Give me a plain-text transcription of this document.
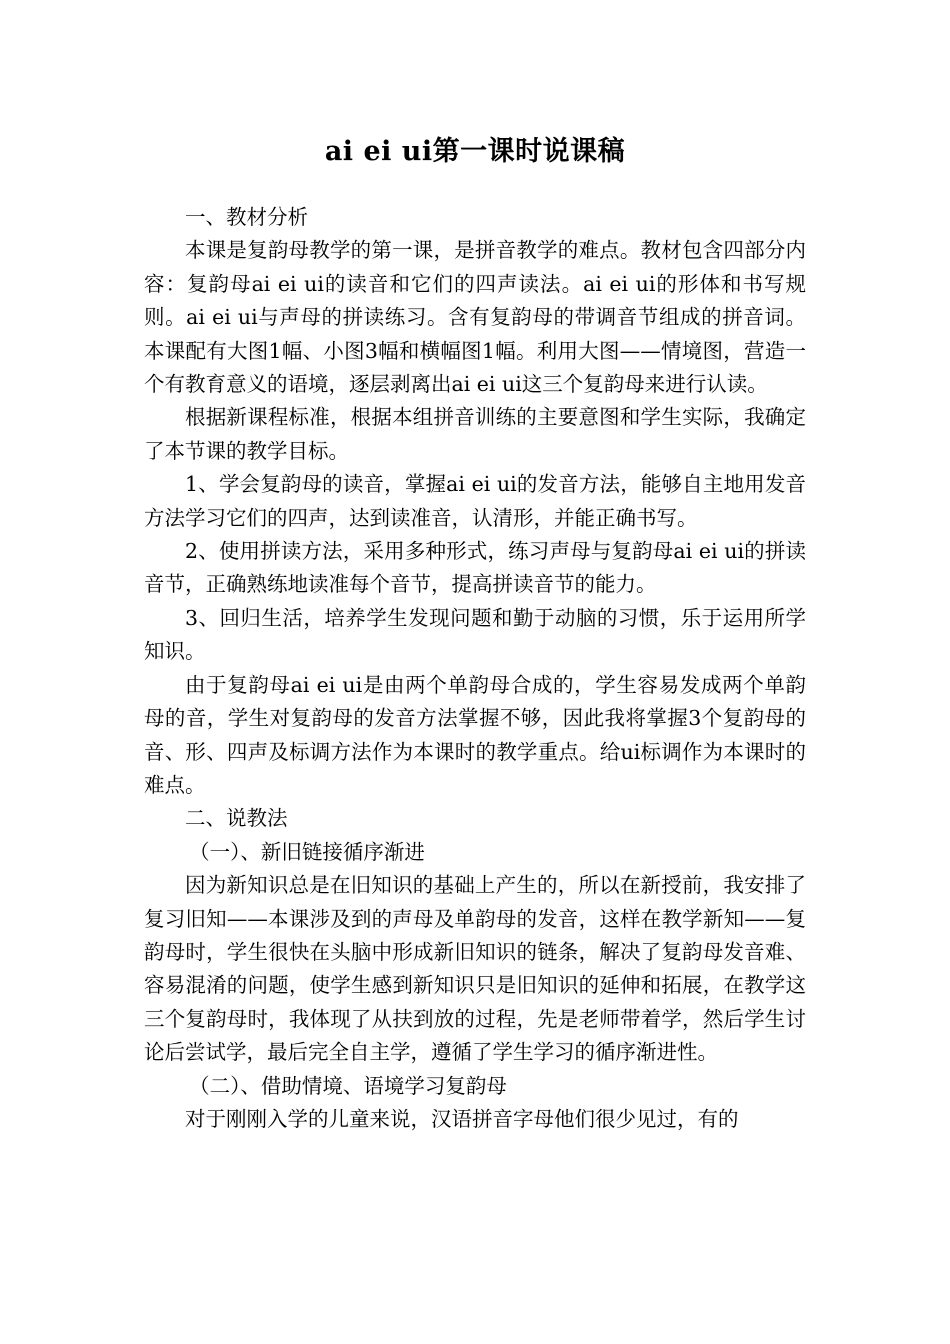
ai ei ui第一课时说课稿

一、教材分析

本课是复韵母教学的第一课，是拼音教学的难点。教材包含四部分内容：复韵母ai ei ui的读音和它们的四声读法。ai ei ui的形体和书写规则。ai ei ui与声母的拼读练习。含有复韵母的带调音节组成的拼音词。本课配有大图1幅、小图3幅和横幅图1幅。利用大图——情境图，营造一个有教育意义的语境，逐层剥离出ai ei ui这三个复韵母来进行认读。

根据新课程标准，根据本组拼音训练的主要意图和学生实际，我确定了本节课的教学目标。

1、学会复韵母的读音，掌握ai ei ui的发音方法，能够自主地用发音方法学习它们的四声，达到读准音，认清形，并能正确书写。

2、使用拼读方法，采用多种形式，练习声母与复韵母ai ei ui的拼读音节，正确熟练地读准每个音节，提高拼读音节的能力。

3、回归生活，培养学生发现问题和勤于动脑的习惯，乐于运用所学知识。

由于复韵母ai ei ui是由两个单韵母合成的，学生容易发成两个单韵母的音，学生对复韵母的发音方法掌握不够，因此我将掌握3个复韵母的音、形、四声及标调方法作为本课时的教学重点。给ui标调作为本课时的难点。

二、说教法

（一）、新旧链接循序渐进

因为新知识总是在旧知识的基础上产生的，所以在新授前，我安排了复习旧知——本课涉及到的声母及单韵母的发音，这样在教学新知——复韵母时，学生很快在头脑中形成新旧知识的链条，解决了复韵母发音难、容易混淆的问题，使学生感到新知识只是旧知识的延伸和拓展，在教学这三个复韵母时，我体现了从扶到放的过程，先是老师带着学，然后学生讨论后尝试学，最后完全自主学，遵循了学生学习的循序渐进性。

（二）、借助情境、语境学习复韵母

对于刚刚入学的儿童来说，汉语拼音字母他们很少见过，有的
